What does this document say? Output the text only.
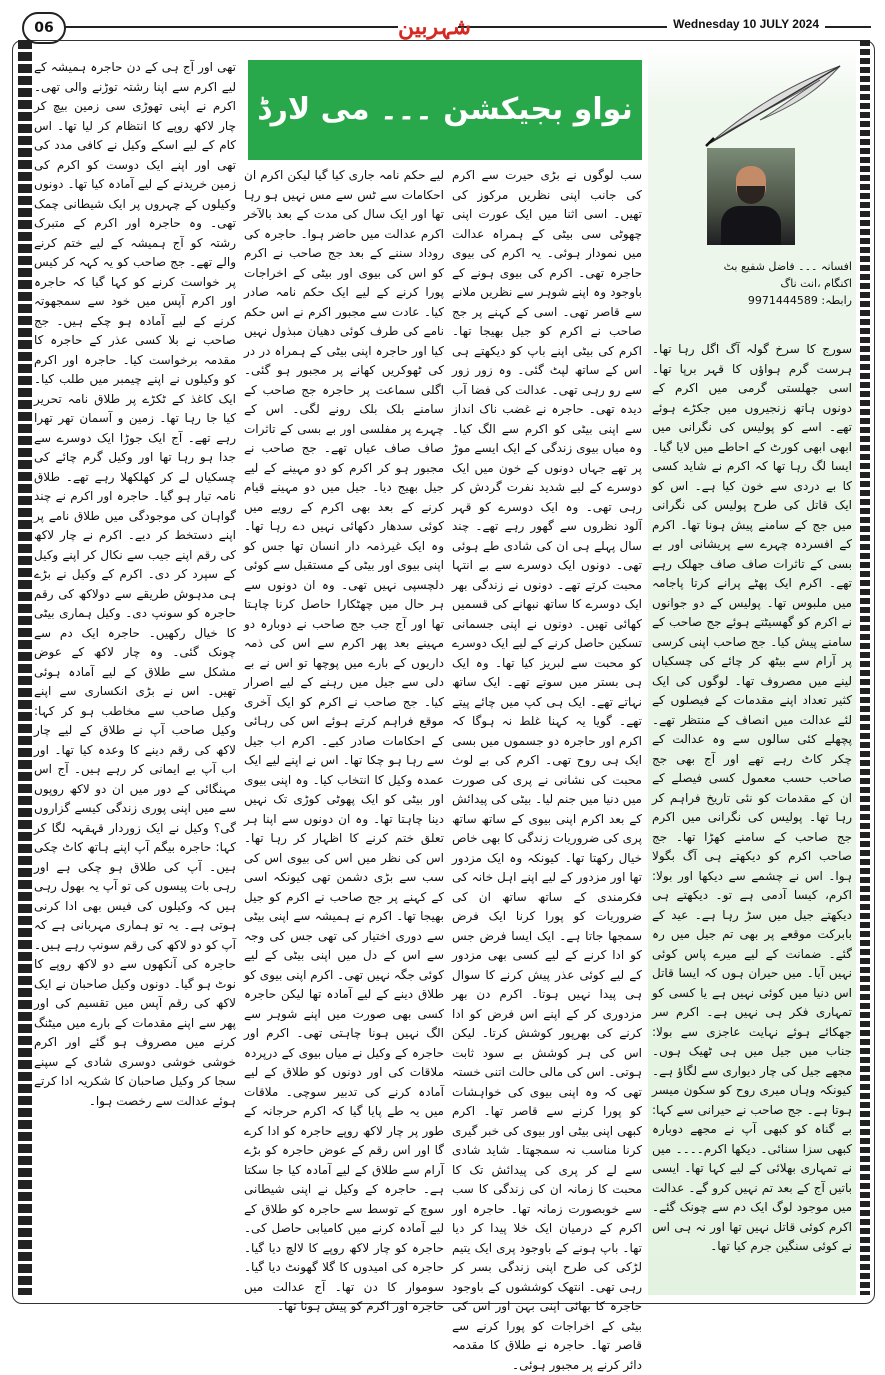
06	شہربین	Wednesday 10 JULY 2024
افسانہ ۔۔۔ فاضل شفیع بٹ
اکنگام ،انت ناگ
رابطہ: 9971444589
نواو بجیکشن ۔۔۔ می لارڈ ۔۔۔!!

سورج کا سرخ گولہ آگ اگل رہا تھا۔ ہرست گرم ہواؤں کا قہر برپا تھا۔ اسی جھلستی گرمی میں اکرم کے دونوں ہاتھ زنجیروں میں جکڑے ہوئے تھے۔ اسے کو پولیس کی نگرانی میں ابھی ابھی کورٹ کے احاطے میں لایا گیا۔ ایسا لگ رہا تھا کہ اکرم نے شاید کسی کا بے دردی سے خون کیا ہے۔ اس کو ایک قاتل کی طرح پولیس کی نگرانی میں جج کے سامنے پیش ہونا تھا۔ اکرم کے افسردہ چہرے سے پریشانی اور بے بسی کے تاثرات صاف صاف جھلک رہے تھے۔ اکرم ایک پھٹے پرانے کرتا پاجامہ میں ملبوس تھا۔ پولیس کے دو جوانوں نے اکرم کو گھسیٹتے ہوئے جج صاحب کے سامنے پیش کیا۔ جج صاحب اپنی کرسی پر آرام سے بیٹھ کر چائے کی چسکیاں لینے میں مصروف تھا۔ لوگوں کی ایک کثیر تعداد اپنے مقدمات کے فیصلوں کے لئے عدالت میں انصاف کے منتظر تھے۔ پچھلے کئی سالوں سے وہ عدالت کے چکر کاٹ رہے تھے اور آج بھی جج صاحب حسب معمول کسی فیصلے کے ان کے مقدمات کو نئی تاریخ فراہم کر رہا تھا۔ پولیس کی نگرانی میں اکرم جج صاحب کے سامنے کھڑا تھا۔ جج صاحب اکرم کو دیکھتے ہی آگ بگولا ہوا۔ اس نے چشمے سے دیکھا اور بولا: اکرم، کیسا آدمی ہے تو۔ دیکھتے ہی دیکھتے جیل میں سڑ رہا ہے۔ عید کے بابرکت موقعے پر بھی تم جیل میں رہ گئے۔ ضمانت کے لیے میرے پاس کوئی نہیں آیا۔ میں حیران ہوں کہ ایسا قاتل اس دنیا میں کوئی نہیں ہے یا کسی کو تمہاری فکر ہی نہیں ہے۔ اکرم سر جھکائے ہوئے نہایت عاجزی سے بولا: جناب میں جیل میں ہی ٹھیک ہوں۔ مجھے جیل کی چار دیواری سے لگاؤ ہے۔ کیونکہ وہاں میری روح کو سکون میسر ہوتا ہے۔ جج صاحب نے حیرانی سے کہا: بے گناہ کو کبھی آپ نے مجھے دوبارہ کبھی سزا سنائی۔ دیکھا اکرم۔۔۔۔ میں نے تمہاری بھلائی کے لیے کہا تھا۔ ایسی باتیں آج کے بعد تم نہیں کرو گے۔ عدالت میں موجود لوگ ایک دم سے چونک گئے۔ اکرم کوئی قاتل نہیں تھا اور نہ ہی اس نے کوئی سنگین جرم کیا تھا۔

سب لوگوں نے بڑی حیرت سے اکرم کی جانب اپنی نظریں مرکوز کی تھیں۔ اسی اثنا میں ایک عورت اپنی چھوٹی سی بیٹی کے ہمراہ عدالت میں نمودار ہوئی۔ یہ اکرم کی بیوی حاجرہ تھی۔ اکرم کی بیوی ہونے کے باوجود وہ اپنے شوہر سے نظریں ملانے سے قاصر تھی۔ اسی کے کہنے پر جج صاحب نے اکرم کو جیل بھیجا تھا۔ اکرم کی بیٹی اپنے باپ کو دیکھتے ہی اس کے ساتھ لپٹ گئی۔ وہ زور زور سے رو رہی تھی۔ عدالت کی فضا آب دیدہ تھی۔ حاجرہ نے غضب ناک انداز سے اپنی بیٹی کو اکرم سے الگ کیا۔ وہ میاں بیوی زندگی کے ایک ایسے موڑ پر تھے جہاں دونوں کے خون میں ایک دوسرے کے لیے شدید نفرت گردش کر رہی تھی۔ وہ ایک دوسرے کو قہر آلود نظروں سے گھور رہے تھے۔ چند سال پہلے ہی ان کی شادی طے ہوئی تھی۔ دونوں ایک دوسرے سے بے انتہا محبت کرتے تھے۔ دونوں نے زندگی بھر ایک دوسرے کا ساتھ نبھانے کی قسمیں کھائی تھیں۔ دونوں نے اپنی جسمانی تسکین حاصل کرنے کے لیے ایک دوسرے کو محبت سے لبریز کیا تھا۔ وہ ایک ہی بستر میں سوتے تھے۔ ایک ساتھ نہاتے تھے۔ ایک ہی کپ میں چائے پیتے تھے۔ گویا یہ کہنا غلط نہ ہوگا کہ اکرم اور حاجرہ دو جسموں میں بسی ایک ہی روح تھی۔ اکرم کی بے لوث محبت کی نشانی نے پری کی صورت میں دنیا میں جنم لیا۔ بیٹی کی پیدائش کے بعد اکرم اپنی بیوی کے ساتھ ساتھ پری کی ضروریات زندگی کا بھی خاص خیال رکھتا تھا۔ کیونکہ وہ ایک مزدور تھا اور مزدور کے لیے اپنے اہل خانہ کی فکرمندی کے ساتھ ساتھ ان کی ضروریات کو پورا کرنا ایک فرض سمجھا جاتا ہے۔ ایک ایسا فرض جس کو ادا کرنے کے لیے کسی بھی مزدور کے لیے کوئی عذر پیش کرنے کا سوال ہی پیدا نہیں ہوتا۔ اکرم دن بھر مزدوری کر کے اپنے اس فرض کو ادا کرنے کی بھرپور کوشش کرتا۔ لیکن اس کی ہر کوشش بے سود ثابت ہوتی۔ اس کی مالی حالت اتنی خستہ تھی کہ وہ اپنی بیوی کی خواہشات کو پورا کرنے سے قاصر تھا۔ اکرم کبھی اپنی بیٹی اور بیوی کی خبر گیری کرنا مناسب نہ سمجھتا۔ شاید شادی سے لے کر پری کی پیدائش تک کا محبت کا زمانہ ان کی زندگی کا سب سے خوبصورت زمانہ تھا۔ حاجرہ اور اکرم کے درمیان ایک خلا پیدا کر دیا تھا۔ باپ ہونے کے باوجود پری ایک یتیم لڑکی کی طرح اپنی زندگی بسر کر رہی تھی۔ انتھک کوششوں کے باوجود حاجرہ کا بھائی اپنی بہن اور اس کی بیٹی کے اخراجات کو پورا کرنے سے قاصر تھا۔ حاجرہ نے طلاق کا مقدمہ دائر کرنے پر مجبور ہوئی۔

لیے حکم نامہ جاری کیا گیا لیکن اکرم ان احکامات سے ٹس سے مس نہیں ہو رہا تھا اور ایک سال کی مدت کے بعد بالآخر اکرم عدالت میں حاضر ہوا۔ حاجرہ کی روداد سننے کے بعد جج صاحب نے اکرم کو اس کی بیوی اور بیٹی کے اخراجات پورا کرنے کے لیے ایک حکم نامہ صادر کیا۔ عادت سے مجبور اکرم نے اس حکم نامے کی طرف کوئی دھیان مبذول نہیں کیا اور حاجرہ اپنی بیٹی کے ہمراہ در در کی ٹھوکریں کھانے پر مجبور ہو گئی۔ اگلی سماعت پر حاجرہ جج صاحب کے سامنے بلک بلک رونے لگی۔ اس کے چہرے پر مفلسی اور بے بسی کے تاثرات صاف صاف عیاں تھے۔ جج صاحب نے مجبور ہو کر اکرم کو دو مہینے کے لیے جیل بھیج دیا۔ جیل میں دو مہینے قیام کرنے کے بعد بھی اکرم کے رویے میں کوئی سدھار دکھائی نہیں دے رہا تھا۔ وہ ایک غیرذمہ دار انسان تھا جس کو اپنی بیوی اور بیٹی کے مستقبل سے کوئی دلچسپی نہیں تھی۔ وہ ان دونوں سے ہر حال میں چھٹکارا حاصل کرنا چاہتا تھا اور آج جب جج صاحب نے دوبارہ دو مہینے بعد پھر اکرم سے اس کی ذمہ داریوں کے بارے میں پوچھا تو اس نے بے دلی سے جیل میں رہنے کے لیے اصرار کیا۔ جج صاحب نے اکرم کو ایک آخری موقع فراہم کرتے ہوئے اس کی رہائی کے احکامات صادر کیے۔ اکرم اب جیل سے رہا ہو چکا تھا۔ اس نے اپنے لیے ایک عمدہ وکیل کا انتخاب کیا۔ وہ اپنی بیوی اور بیٹی کو ایک پھوٹی کوڑی تک نہیں دینا چاہتا تھا۔ وہ ان دونوں سے اپنا ہر تعلق ختم کرنے کا اظہار کر رہا تھا۔ اس کی نظر میں اس کی بیوی اس کی سب سے بڑی دشمن تھی کیونکہ اسی کے کہنے پر جج صاحب نے اکرم کو جیل بھیجا تھا۔ اکرم نے ہمیشہ سے اپنی بیٹی سے دوری اختیار کی تھی جس کی وجہ سے اس کے دل میں اپنی بیٹی کے لیے کوئی جگہ نہیں تھی۔ اکرم اپنی بیوی کو طلاق دینے کے لیے آمادہ تھا لیکن حاجرہ کسی بھی صورت میں اپنے شوہر سے الگ نہیں ہونا چاہتی تھی۔ اکرم اور حاجرہ کے وکیل نے میاں بیوی کے درپردہ ملاقات کی اور دونوں کو طلاق کے لیے آمادہ کرنے کی تدبیر سوچی۔ ملاقات میں یہ طے پایا گیا کہ اکرم حرجانہ کے طور پر چار لاکھ روپے حاجرہ کو ادا کرے گا اور اس رقم کے عوض حاجرہ کو بڑے آرام سے طلاق کے لیے آمادہ کیا جا سکتا ہے۔ حاجرہ کے وکیل نے اپنی شیطانی سوچ کے توسط سے حاجرہ کو طلاق کے لیے آمادہ کرنے میں کامیابی حاصل کی۔ حاجرہ کو چار لاکھ روپے کا لالچ دیا گیا۔ حاجرہ کی امیدوں کا گلا گھونٹ دیا گیا۔ سوموار کا دن تھا۔ آج عدالت میں حاجرہ اور اکرم کو پیش ہونا تھا۔

تھی اور آج ہی کے دن حاجرہ ہمیشہ کے لیے اکرم سے اپنا رشتہ توڑنے والی تھی۔ اکرم نے اپنی تھوڑی سی زمین بیچ کر چار لاکھ روپے کا انتظام کر لیا تھا۔ اس کام کے لیے اسکے وکیل نے کافی مدد کی تھی اور اپنے ایک دوست کو اکرم کی زمین خریدنے کے لیے آمادہ کیا تھا۔ دونوں وکیلوں کے چہروں پر ایک شیطانی چمک تھی۔ وہ حاجرہ اور اکرم کے متبرک رشتہ کو آج ہمیشہ کے لیے ختم کرنے والے تھے۔ جج صاحب کو یہ کہہ کر کیس پر خواست کرنے کو کہا گیا کہ حاجرہ اور اکرم آپس میں خود سے سمجھوتہ کرنے کے لیے آمادہ ہو چکے ہیں۔ جج صاحب نے بلا کسی عذر کے حاجرہ کا مقدمہ برخواست کیا۔ حاجرہ اور اکرم کو وکیلوں نے اپنے چیمبر میں طلب کیا۔ ایک کاغذ کے ٹکڑے پر طلاق نامہ تحریر کیا جا رہا تھا۔ زمین و آسمان تھر تھرا رہے تھے۔ آج ایک جوڑا ایک دوسرے سے جدا ہو رہا تھا اور وکیل گرم چائے کی چسکیاں لے کر کھلکھلا رہے تھے۔ طلاق نامہ تیار ہو گیا۔ حاجرہ اور اکرم نے چند گواہان کی موجودگی میں طلاق نامے پر اپنے دستخط کر دیے۔ اکرم نے چار لاکھ کی رقم اپنے جیب سے نکال کر اپنے وکیل کے سپرد کر دی۔ اکرم کے وکیل نے بڑے ہی مدہوش طریقے سے دولاکھ کی رقم حاجرہ کو سونپ دی۔ وکیل ہماری بیٹی کا خیال رکھیں۔ حاجرہ ایک دم سے چونک گئی۔ وہ چار لاکھ کے عوض مشکل سے طلاق کے لیے آمادہ ہوئی تھیں۔ اس نے بڑی انکساری سے اپنے وکیل صاحب سے مخاطب ہو کر کہا: وکیل صاحب آپ نے طلاق کے لیے چار لاکھ کی رقم دینے کا وعدہ کیا تھا۔ اور اب آپ بے ایمانی کر رہے ہیں۔ آج اس مہنگائی کے دور میں ان دو لاکھ روپوں سے میں اپنی پوری زندگی کیسے گزاروں گی؟ وکیل نے ایک زوردار قہقہہ لگا کر کہا: حاجرہ بیگم آپ اپنے ہاتھ کاٹ چکی ہیں۔ آپ کی طلاق ہو چکی ہے اور رہی بات پیسوں کی تو آپ یہ بھول رہی ہیں کہ وکیلوں کی فیس بھی ادا کرنی ہوتی ہے۔ یہ تو ہماری مہربانی ہے کہ آپ کو دو لاکھ کی رقم سونپ رہے ہیں۔ حاجرہ کی آنکھوں سے دو لاکھ روپے کا نوٹ ہو گیا۔ دونوں وکیل صاحبان نے ایک لاکھ کی رقم آپس میں تقسیم کی اور پھر سے اپنے مقدمات کے بارے میں میٹنگ کرنے میں مصروف ہو گئے اور اکرم خوشی خوشی دوسری شادی کے سپنے سجا کر وکیل صاحبان کا شکریہ ادا کرتے ہوئے عدالت سے رخصت ہوا۔
